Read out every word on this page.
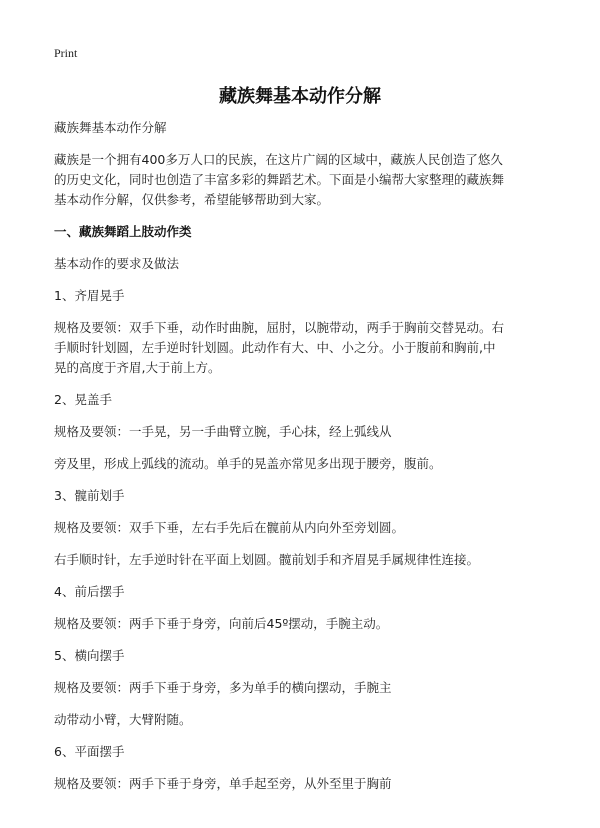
Print
藏族舞基本动作分解

藏族舞基本动作分解

藏族是一个拥有400多万人口的民族，在这片广阔的区域中，藏族人民创造了悠久
的历史文化，同时也创造了丰富多彩的舞蹈艺术。下面是小编帮大家整理的藏族舞
基本动作分解，仅供参考，希望能够帮助到大家。

一、藏族舞蹈上肢动作类

基本动作的要求及做法

1、齐眉晃手

规格及要领：双手下垂，动作时曲腕，屈肘，以腕带动，两手于胸前交替晃动。右
手顺时针划圆，左手逆时针划圆。此动作有大、中、小之分。小于腹前和胸前,中
晃的高度于齐眉,大于前上方。

2、晃盖手

规格及要领：一手晃，另一手曲臂立腕，手心抹，经上弧线从

旁及里，形成上弧线的流动。单手的晃盖亦常见多出现于腰旁，腹前。

3、髋前划手

规格及要领：双手下垂，左右手先后在髋前从内向外至旁划圆。

右手顺时针，左手逆时针在平面上划圆。髋前划手和齐眉晃手属规律性连接。

4、前后摆手

规格及要领：两手下垂于身旁，向前后45º摆动，手腕主动。

5、横向摆手

规格及要领：两手下垂于身旁，多为单手的横向摆动，手腕主

动带动小臂，大臂附随。

6、平面摆手

规格及要领：两手下垂于身旁，单手起至旁，从外至里于胸前
